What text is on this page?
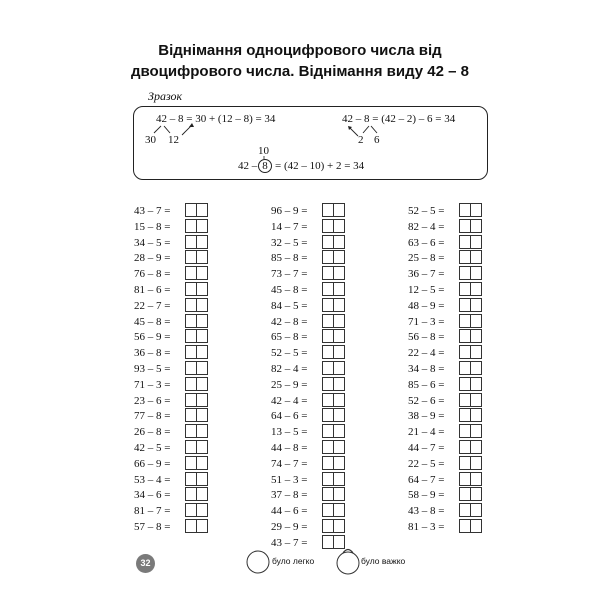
Віднімання одноцифрового числа від
двоцифрового числа. Віднімання виду 42 – 8
Зразок
42 – 8 = 30 + (12 – 8) = 34
30 12
42 – 8 = (42 – 2) – 6 = 34
2 6
10
42 – 8 = (42 – 10) + 2 = 34
43 – 7 =
15 – 8 =
34 – 5 =
28 – 9 =
76 – 8 =
81 – 6 =
22 – 7 =
45 – 8 =
56 – 9 =
36 – 8 =
93 – 5 =
71 – 3 =
23 – 6 =
77 – 8 =
26 – 8 =
42 – 5 =
66 – 9 =
53 – 4 =
34 – 6 =
81 – 7 =
57 – 8 =
96 – 9 =
14 – 7 =
32 – 5 =
85 – 8 =
73 – 7 =
45 – 8 =
84 – 5 =
42 – 8 =
65 – 8 =
52 – 5 =
82 – 4 =
25 – 9 =
42 – 4 =
64 – 6 =
13 – 5 =
44 – 8 =
74 – 7 =
51 – 3 =
37 – 8 =
44 – 6 =
29 – 9 =
43 – 7 =
52 – 5 =
82 – 4 =
63 – 6 =
25 – 8 =
36 – 7 =
12 – 5 =
48 – 9 =
71 – 3 =
56 – 8 =
22 – 4 =
34 – 8 =
85 – 6 =
52 – 6 =
38 – 9 =
21 – 4 =
44 – 7 =
22 – 5 =
64 – 7 =
58 – 9 =
43 – 8 =
81 – 3 =
32	було легко	було важко
